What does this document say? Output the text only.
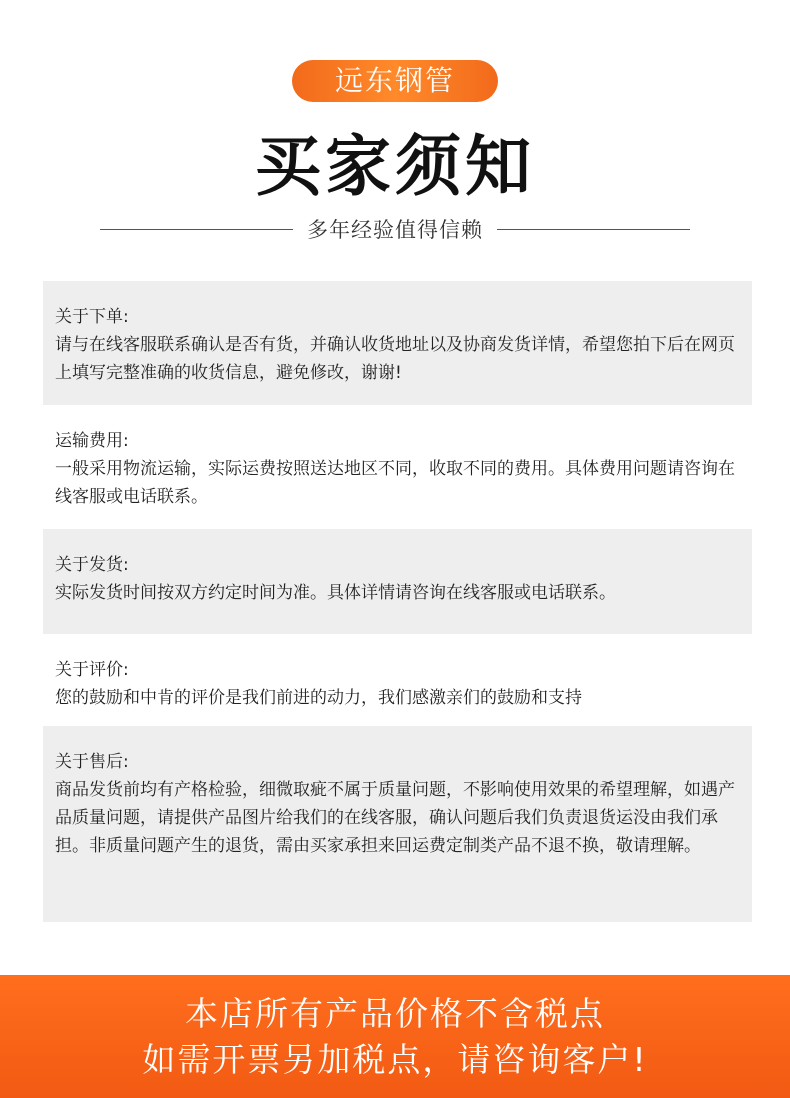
远东钢管
买家须知
多年经验值得信赖
关于下单:
请与在线客服联系确认是否有货，并确认收货地址以及协商发货详情，希望您拍下后在网页上填写完整准确的收货信息，避免修改，谢谢!
运输费用:
一般采用物流运输，实际运费按照送达地区不同，收取不同的费用。具体费用问题请咨询在线客服或电话联系。
关于发货:
实际发货时间按双方约定时间为准。具体详情请咨询在线客服或电话联系。
关于评价:
您的鼓励和中肯的评价是我们前进的动力，我们感激亲们的鼓励和支持
关于售后:
商品发货前均有产格检验，细微取疵不属于质量问题，不影响使用效果的希望理解，如遇产品质量问题，请提供产品图片给我们的在线客服，确认问题后我们负责退货运没由我们承担。非质量问题产生的退货，需由买家承担来回运费定制类产品不退不换，敬请理解。
本店所有产品价格不含税点
如需开票另加税点，请咨询客户!
